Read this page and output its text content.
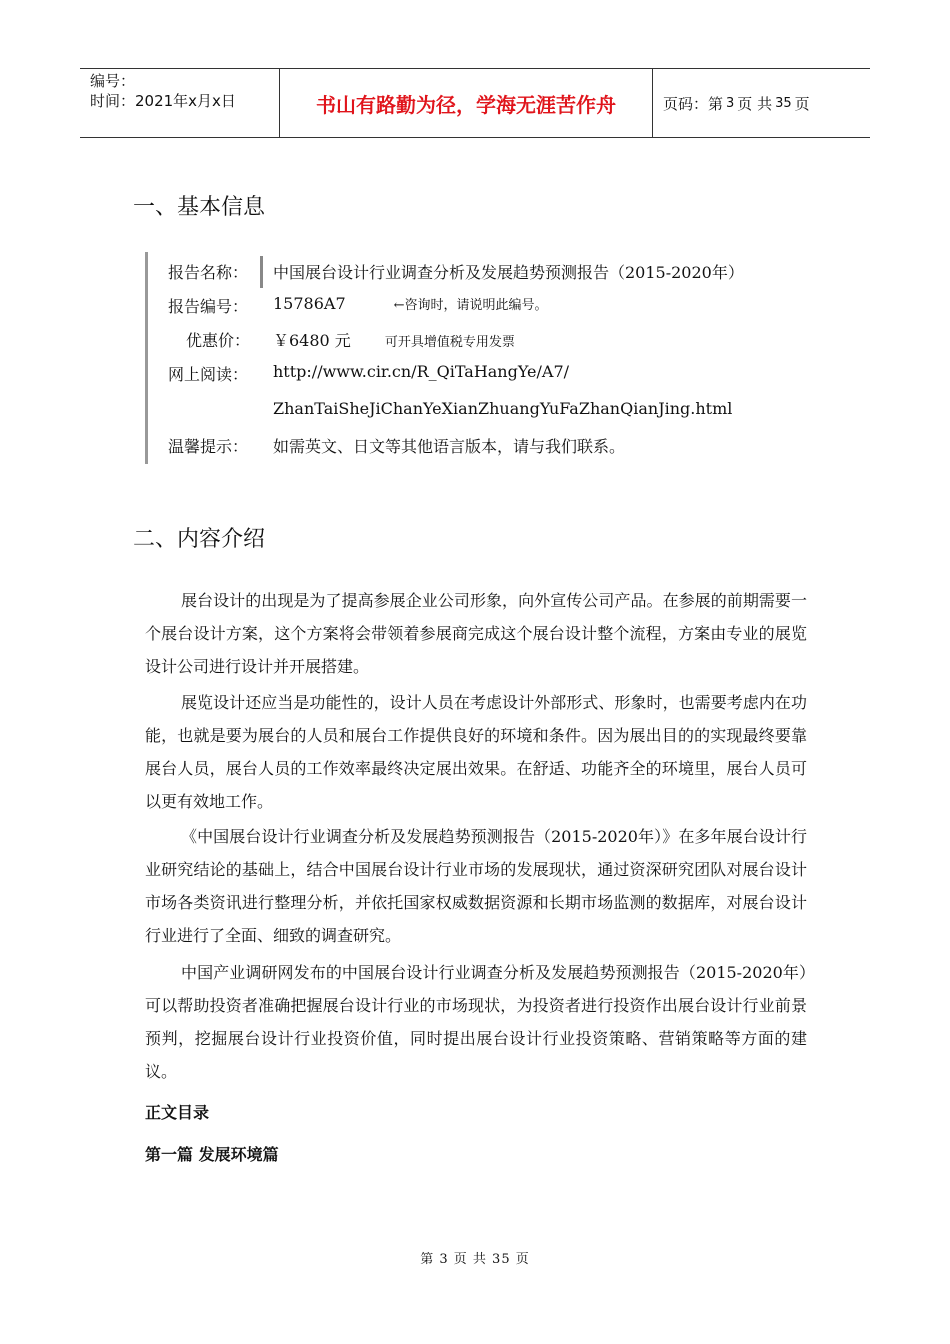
编号：
时间：2021年x月x日	书山有路勤为径，学海无涯苦作舟	页码：第 3 页 共 35 页
一、基本信息
报告名称： 中国展台设计行业调查分析及发展趋势预测报告（2015-2020年）
报告编号： 15786A7	←咨询时，请说明此编号。
优惠价： ￥6480 元	可开具增值税专用发票
网上阅读： http://www.cir.cn/R_QiTaHangYe/A7/
ZhanTaiSheJiChanYeXianZhuangYuFaZhanQianJing.html
温馨提示： 如需英文、日文等其他语言版本，请与我们联系。
二、内容介绍

展台设计的出现是为了提高参展企业公司形象，向外宣传公司产品。在参展的前期需要一个展台设计方案，这个方案将会带领着参展商完成这个展台设计整个流程，方案由专业的展览设计公司进行设计并开展搭建。

展览设计还应当是功能性的，设计人员在考虑设计外部形式、形象时，也需要考虑内在功能，也就是要为展台的人员和展台工作提供良好的环境和条件。因为展出目的的实现最终要靠展台人员，展台人员的工作效率最终决定展出效果。在舒适、功能齐全的环境里，展台人员可以更有效地工作。

《中国展台设计行业调查分析及发展趋势预测报告（2015-2020年）》在多年展台设计行业研究结论的基础上，结合中国展台设计行业市场的发展现状，通过资深研究团队对展台设计市场各类资讯进行整理分析，并依托国家权威数据资源和长期市场监测的数据库，对展台设计行业进行了全面、细致的调查研究。

中国产业调研网发布的中国展台设计行业调查分析及发展趋势预测报告（2015-2020年）可以帮助投资者准确把握展台设计行业的市场现状，为投资者进行投资作出展台设计行业前景预判，挖掘展台设计行业投资价值，同时提出展台设计行业投资策略、营销策略等方面的建议。

正文目录
第一篇 发展环境篇
第 3 页 共 35 页
